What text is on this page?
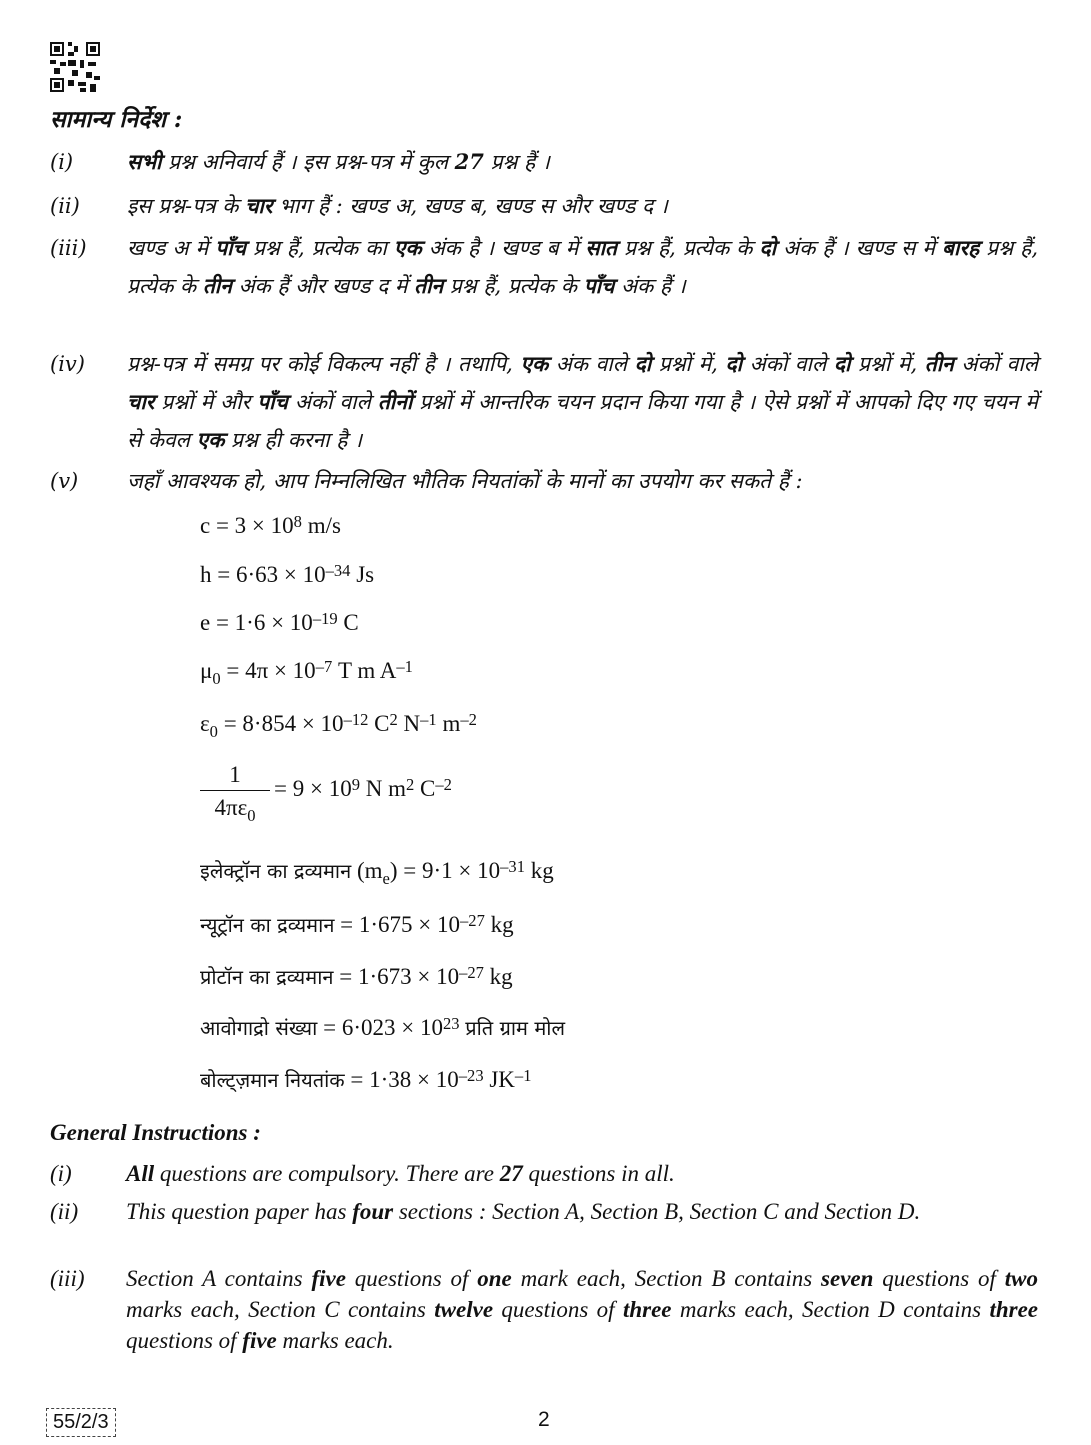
सामान्य निर्देश :
(i)	सभी प्रश्न अनिवार्य हैं । इस प्रश्न-पत्र में कुल 27 प्रश्न हैं ।
(ii)	इस प्रश्न-पत्र के चार भाग हैं : खण्ड अ, खण्ड ब, खण्ड स और खण्ड द ।
(iii)	खण्ड अ में पाँच प्रश्न हैं, प्रत्येक का एक अंक है । खण्ड ब में सात प्रश्न हैं, प्रत्येक के दो अंक हैं । खण्ड स में बारह प्रश्न हैं, प्रत्येक के तीन अंक हैं और खण्ड द में तीन प्रश्न हैं, प्रत्येक के पाँच अंक हैं ।
(iv)	प्रश्न-पत्र में समग्र पर कोई विकल्प नहीं है । तथापि, एक अंक वाले दो प्रश्नों में, दो अंकों वाले दो प्रश्नों में, तीन अंकों वाले चार प्रश्नों में और पाँच अंकों वाले तीनों प्रश्नों में आन्तरिक चयन प्रदान किया गया है । ऐसे प्रश्नों में आपको दिए गए चयन में से केवल एक प्रश्न ही करना है ।
(v)	जहाँ आवश्यक हो, आप निम्नलिखित भौतिक नियतांकों के मानों का उपयोग कर सकते हैं :
$c = 3 \times 10^8$ m/s
$h = 6\cdot 63 \times 10^{-34}$ Js
$e = 1\cdot 6 \times 10^{-19}$ C
$\mu_0 = 4\pi \times 10^{-7}$ T m $A^{-1}$
$\varepsilon_0 = 8\cdot 854 \times 10^{-12}$ $C^2$ $N^{-1}$ $m^{-2}$
1
$4\pi\varepsilon_0$
= $9 \times 10^9$ N $m^2$ $C^{-2}$
इलेक्ट्रॉन का द्रव्यमान $(m_e) = 9\cdot 1 \times 10^{-31}$ kg
न्यूट्रॉन का द्रव्यमान = $1\cdot 675 \times 10^{-27}$ kg
प्रोटॉन का द्रव्यमान = $1\cdot 673 \times 10^{-27}$ kg
आवोगाद्रो संख्या = $6\cdot 023 \times 10^{23}$ प्रति ग्राम मोल
बोल्ट्ज़मान नियतांक = $1\cdot 38 \times 10^{-23}$ $JK^{-1}$
General Instructions :
(i)	All questions are compulsory. There are 27 questions in all.
(ii)	This question paper has four sections : Section A, Section B, Section C and Section D.
(iii)	Section A contains five questions of one mark each, Section B contains seven questions of two marks each, Section C contains twelve questions of three marks each, Section D contains three questions of five marks each.
55/2/3	2
